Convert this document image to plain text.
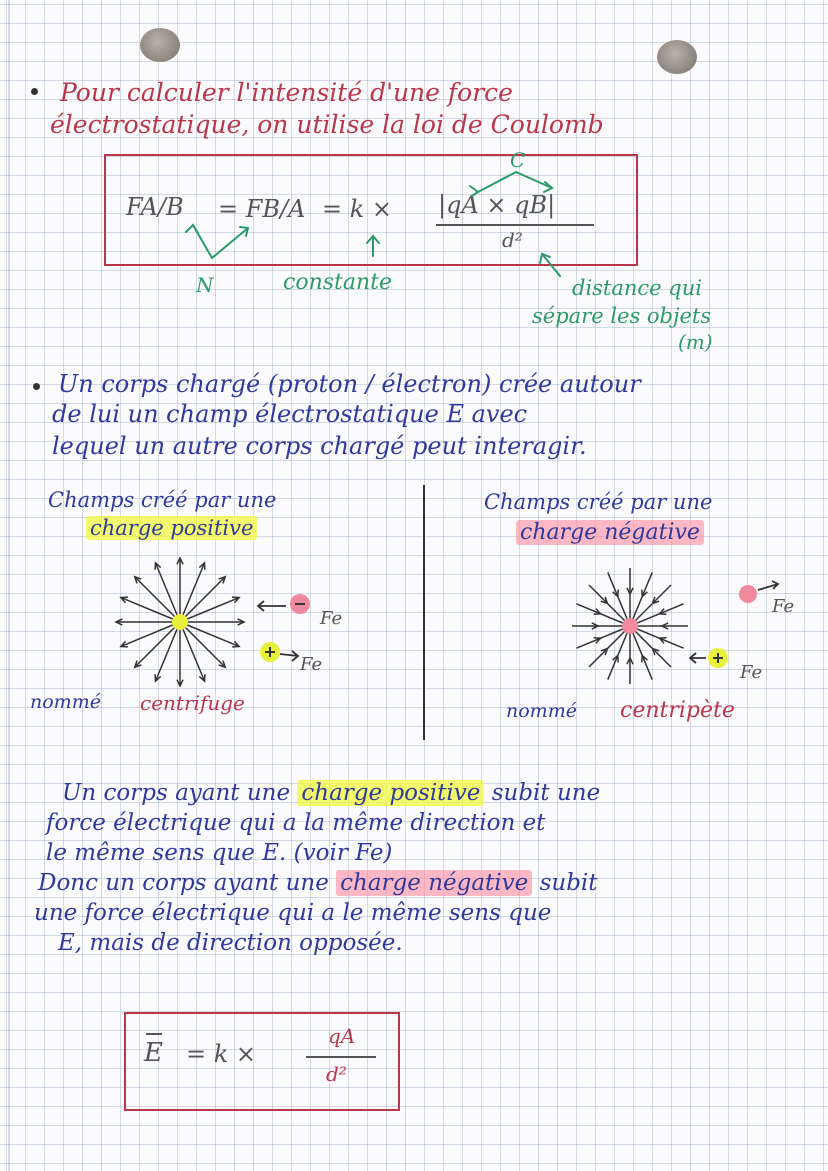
Pour calculer l'intensité d'une force
électrostatique, on utilise la loi de Coulomb
FA/B = FB/A = k × |qA × qB|
d²
C
N	constante	distance qui
sépare les objets
(m)
Un corps chargé (proton / électron) crée autour
de lui un champ électrostatique E avec
lequel un autre corps chargé peut interagir.
Champs créé par une
charge positive
Fe
Fe
nommé centrifuge
Champs créé par une
charge négative
Fe
Fe
nommé centripète
Un corps ayant une charge positive subit une
force électrique qui a la même direction et
le même sens que E. (voir Fe)
Donc un corps ayant une charge négative subit
une force électrique qui a le même sens que
E, mais de direction opposée.
E = k ×
qA
d²
